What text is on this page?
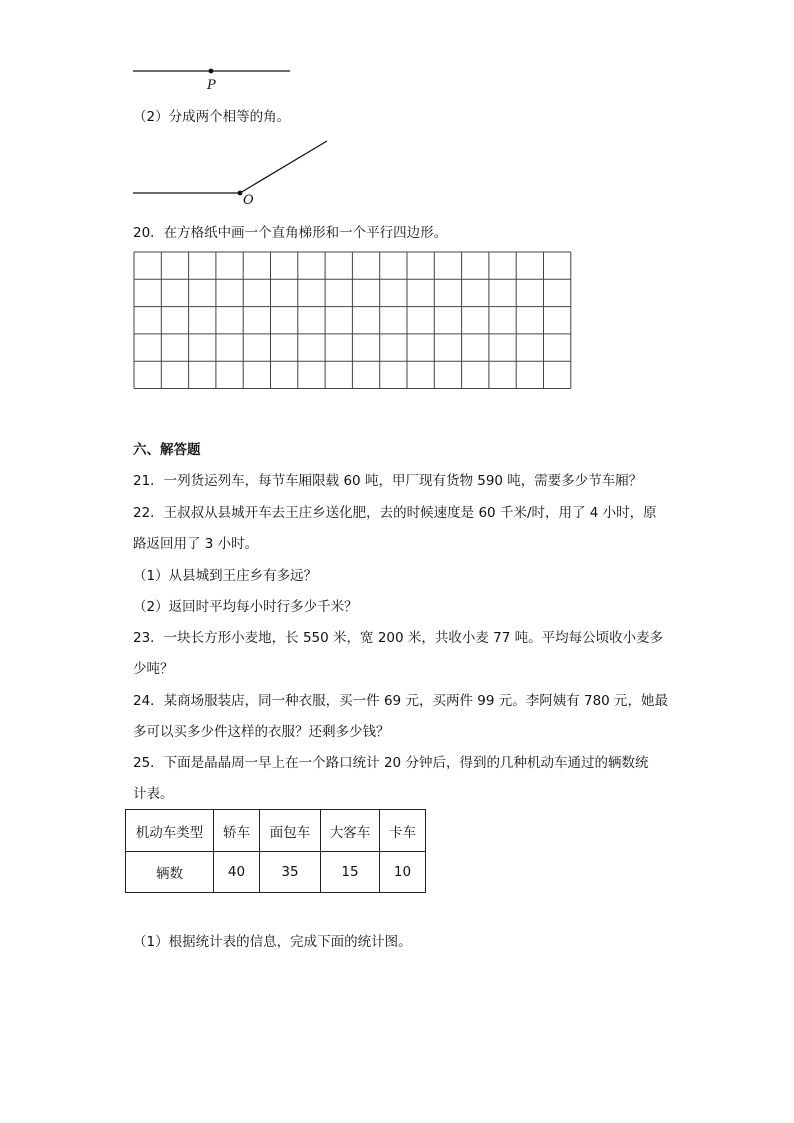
P
（2）分成两个相等的角。
O
20．在方格纸中画一个直角梯形和一个平行四边形。
六、解答题
21．一列货运列车，每节车厢限载 60 吨，甲厂现有货物 590 吨，需要多少节车厢？
22．王叔叔从县城开车去王庄乡送化肥，去的时候速度是 60 千米/时，用了 4 小时，原
路返回用了 3 小时。
（1）从县城到王庄乡有多远？
（2）返回时平均每小时行多少千米？
23．一块长方形小麦地，长 550 米，宽 200 米，共收小麦 77 吨。平均每公顷收小麦多
少吨？
24．某商场服装店，同一种衣服，买一件 69 元，买两件 99 元。李阿姨有 780 元，她最
多可以买多少件这样的衣服？还剩多少钱？
25．下面是晶晶周一早上在一个路口统计 20 分钟后，得到的几种机动车通过的辆数统
计表。
机动车类型	轿车	面包车	大客车	卡车
辆数	40	35	15	10
（1）根据统计表的信息，完成下面的统计图。
